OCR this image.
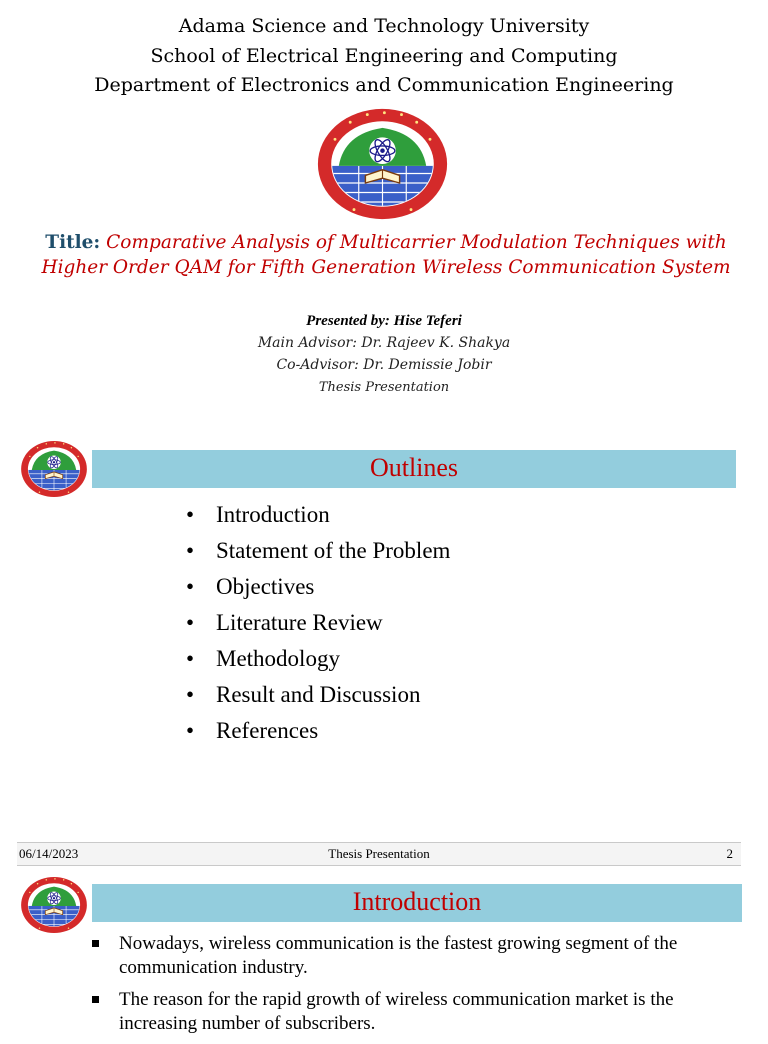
Adama Science and Technology University
School of Electrical Engineering and Computing
Department of Electronics and Communication Engineering
Title: Comparative Analysis of Multicarrier Modulation Techniques with Higher Order QAM for Fifth Generation Wireless Communication System
Presented by: Hise Teferi
Main Advisor: Dr. Rajeev K. Shakya
Co-Advisor: Dr. Demissie Jobir
Thesis Presentation
Outlines
• Introduction
• Statement of the Problem
• Objectives
• Literature Review
• Methodology
• Result and Discussion
• References
06/14/2023	Thesis Presentation	2
Introduction
Nowadays, wireless communication is the fastest growing segment of the communication industry.
The reason for the rapid growth of wireless communication market is the increasing number of subscribers.
